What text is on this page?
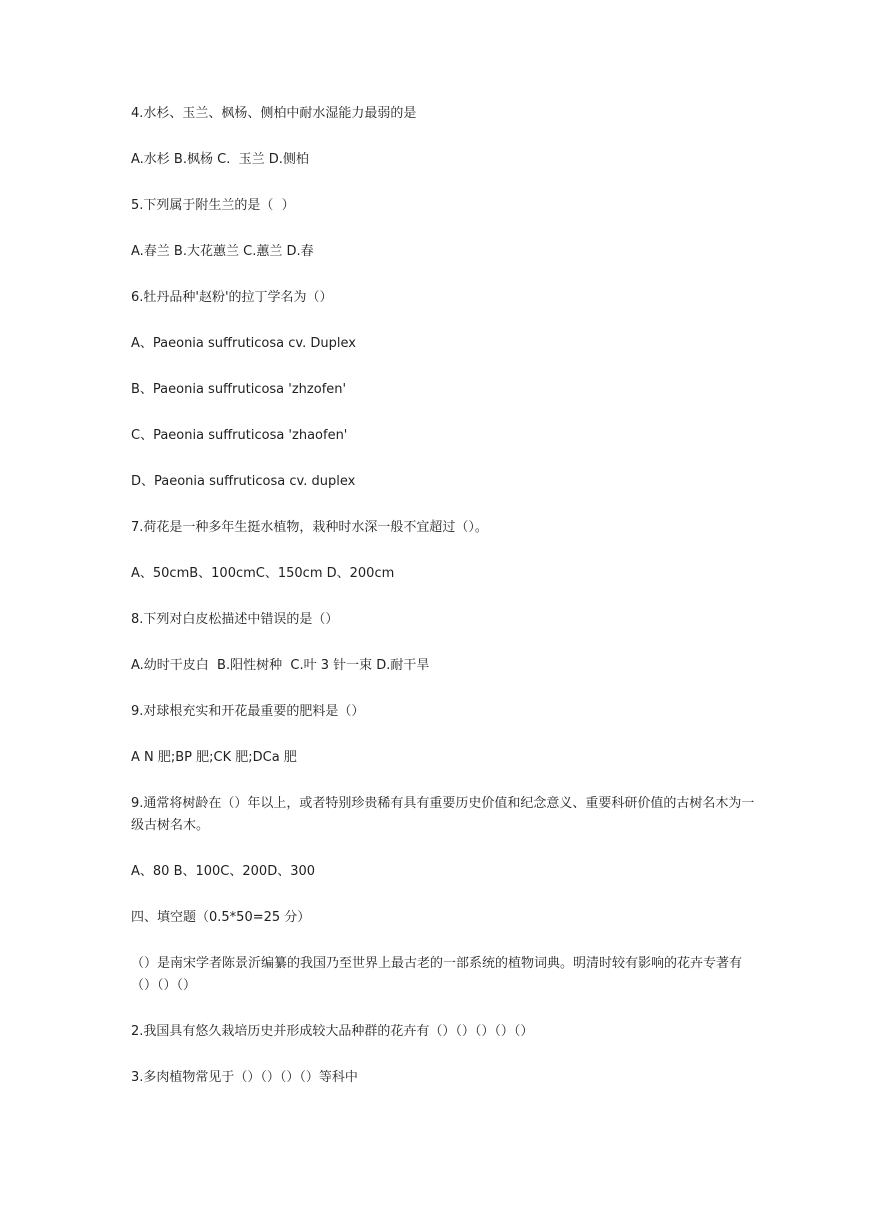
4.水杉、玉兰、枫杨、侧柏中耐水湿能力最弱的是

A.水杉 B.枫杨 C.  玉兰 D.侧柏

5.下列属于附生兰的是（  ）

A.春兰 B.大花蕙兰 C.蕙兰 D.春

6.牡丹品种'赵粉'的拉丁学名为（）

A、Paeonia suffruticosa cv. Duplex

B、Paeonia suffruticosa 'zhzofen'

C、Paeonia suffruticosa 'zhaofen'

D、Paeonia suffruticosa cv. duplex

7.荷花是一种多年生挺水植物，栽种时水深一般不宜超过（）。

A、50cmB、100cmC、150cm D、200cm

8.下列对白皮松描述中错误的是（）

A.幼时干皮白  B.阳性树种  C.叶 3 针一束 D.耐干旱

9.对球根充实和开花最重要的肥料是（）

A N 肥;BP 肥;CK 肥;DCa 肥

9.通常将树龄在（）年以上，或者特别珍贵稀有具有重要历史价值和纪念意义、重要科研价值的古树名木为一级古树名木。

A、80 B、100C、200D、300

四、填空题（0.5*50=25 分）

（）是南宋学者陈景沂编纂的我国乃至世界上最古老的一部系统的植物词典。明清时较有影响的花卉专著有（）（）（）

2.我国具有悠久栽培历史并形成较大品种群的花卉有（）（）（）（）（）

3.多肉植物常见于（）（）（）（）等科中
